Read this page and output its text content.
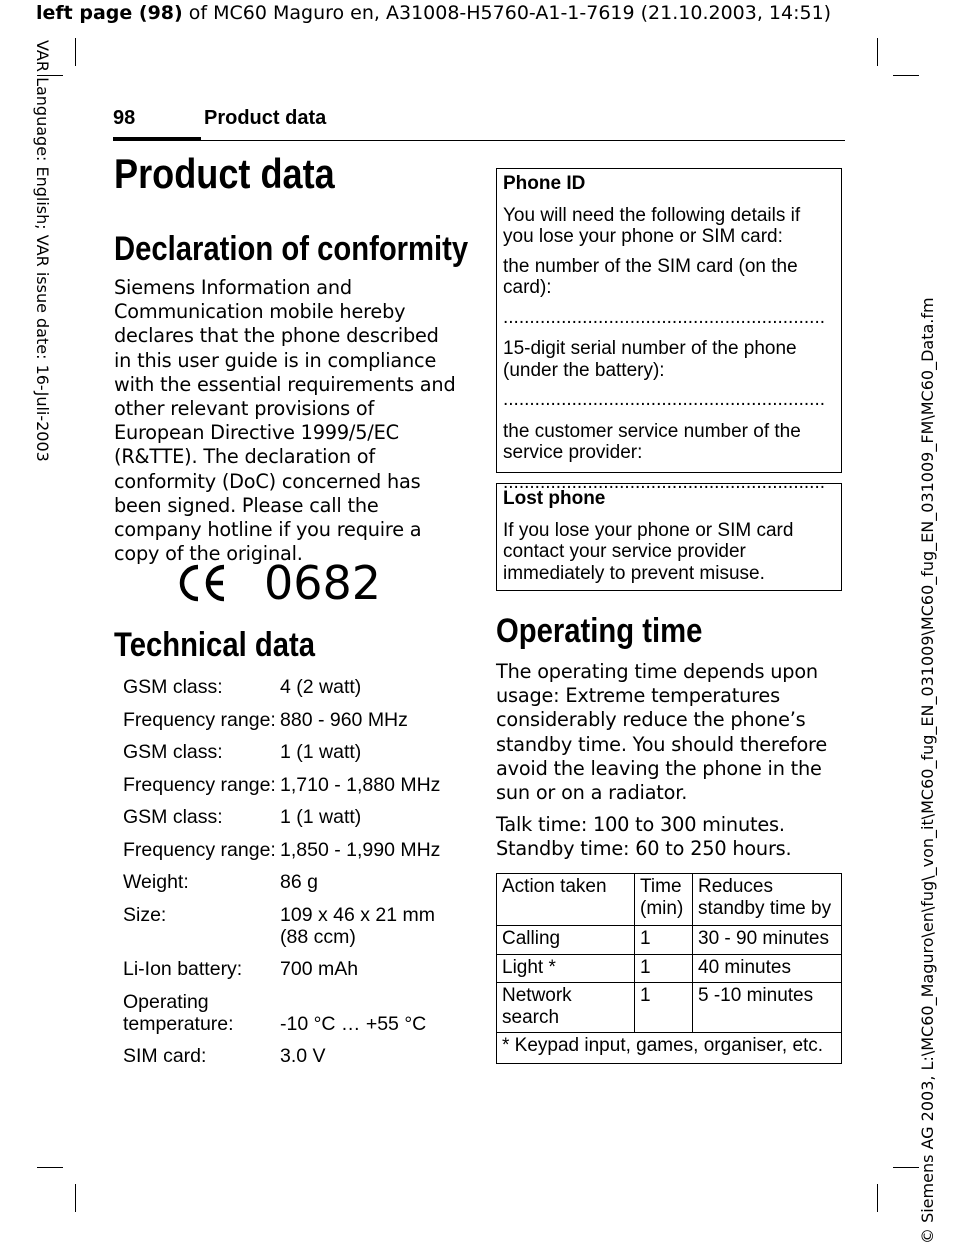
left page (98) of MC60 Maguro en, A31008-H5760-A1-1-7619 (21.10.2003, 14:51)
VAR Language: English; VAR issue date: 16-Juli-2003
© Siemens AG 2003, L:\MC60_Maguro\en\fug\_von_it\MC60_fug_EN_031009\MC60_fug_EN_031009_FM\MC60_Data.fm
98	Product data
Product data
Declaration of conformity

Siemens Information and Communication mobile hereby declares that the phone described in this user guide is in compliance with the essential requirements and other relevant provisions of European Directive 1999/5/EC (R&TTE). The declaration of conformity (DoC) concerned has been signed. Please call the company hotline if you require a copy of the original.

0682
Technical data
GSM class:	4 (2 watt)
Frequency range: 880 - 960 MHz
GSM class:	1 (1 watt)
Frequency range: 1,710 - 1,880 MHz
GSM class:	1 (1 watt)
Frequency range: 1,850 - 1,990 MHz
Weight:	86 g
Size:	109 x 46 x 21 mm
(88 ccm)
Li-Ion battery:	700 mAh
Operating
temperature:
	-10 °C … +55 °C
SIM card:	3.0 V
Phone ID

You will need the following details if you lose your phone or SIM card:

the number of the SIM card (on the card):

.............................................................

15-digit serial number of the phone (under the battery):

.............................................................

the customer service number of the service provider:

.............................................................
Lost phone

If you lose your phone or SIM card contact your service provider immediately to prevent misuse.

Operating time

The operating time depends upon usage: Extreme temperatures considerably reduce the phone’s standby time. You should therefore avoid the leaving the phone in the sun or on a radiator.

Talk time: 100 to 300 minutes.

Standby time: 60 to 250 hours.

Action taken	Time (min)	Reduces standby time by
Calling	1	30 - 90 minutes
Light *	1	40 minutes
Network search	1	5 -10 minutes
* Keypad input, games, organiser, etc.		
